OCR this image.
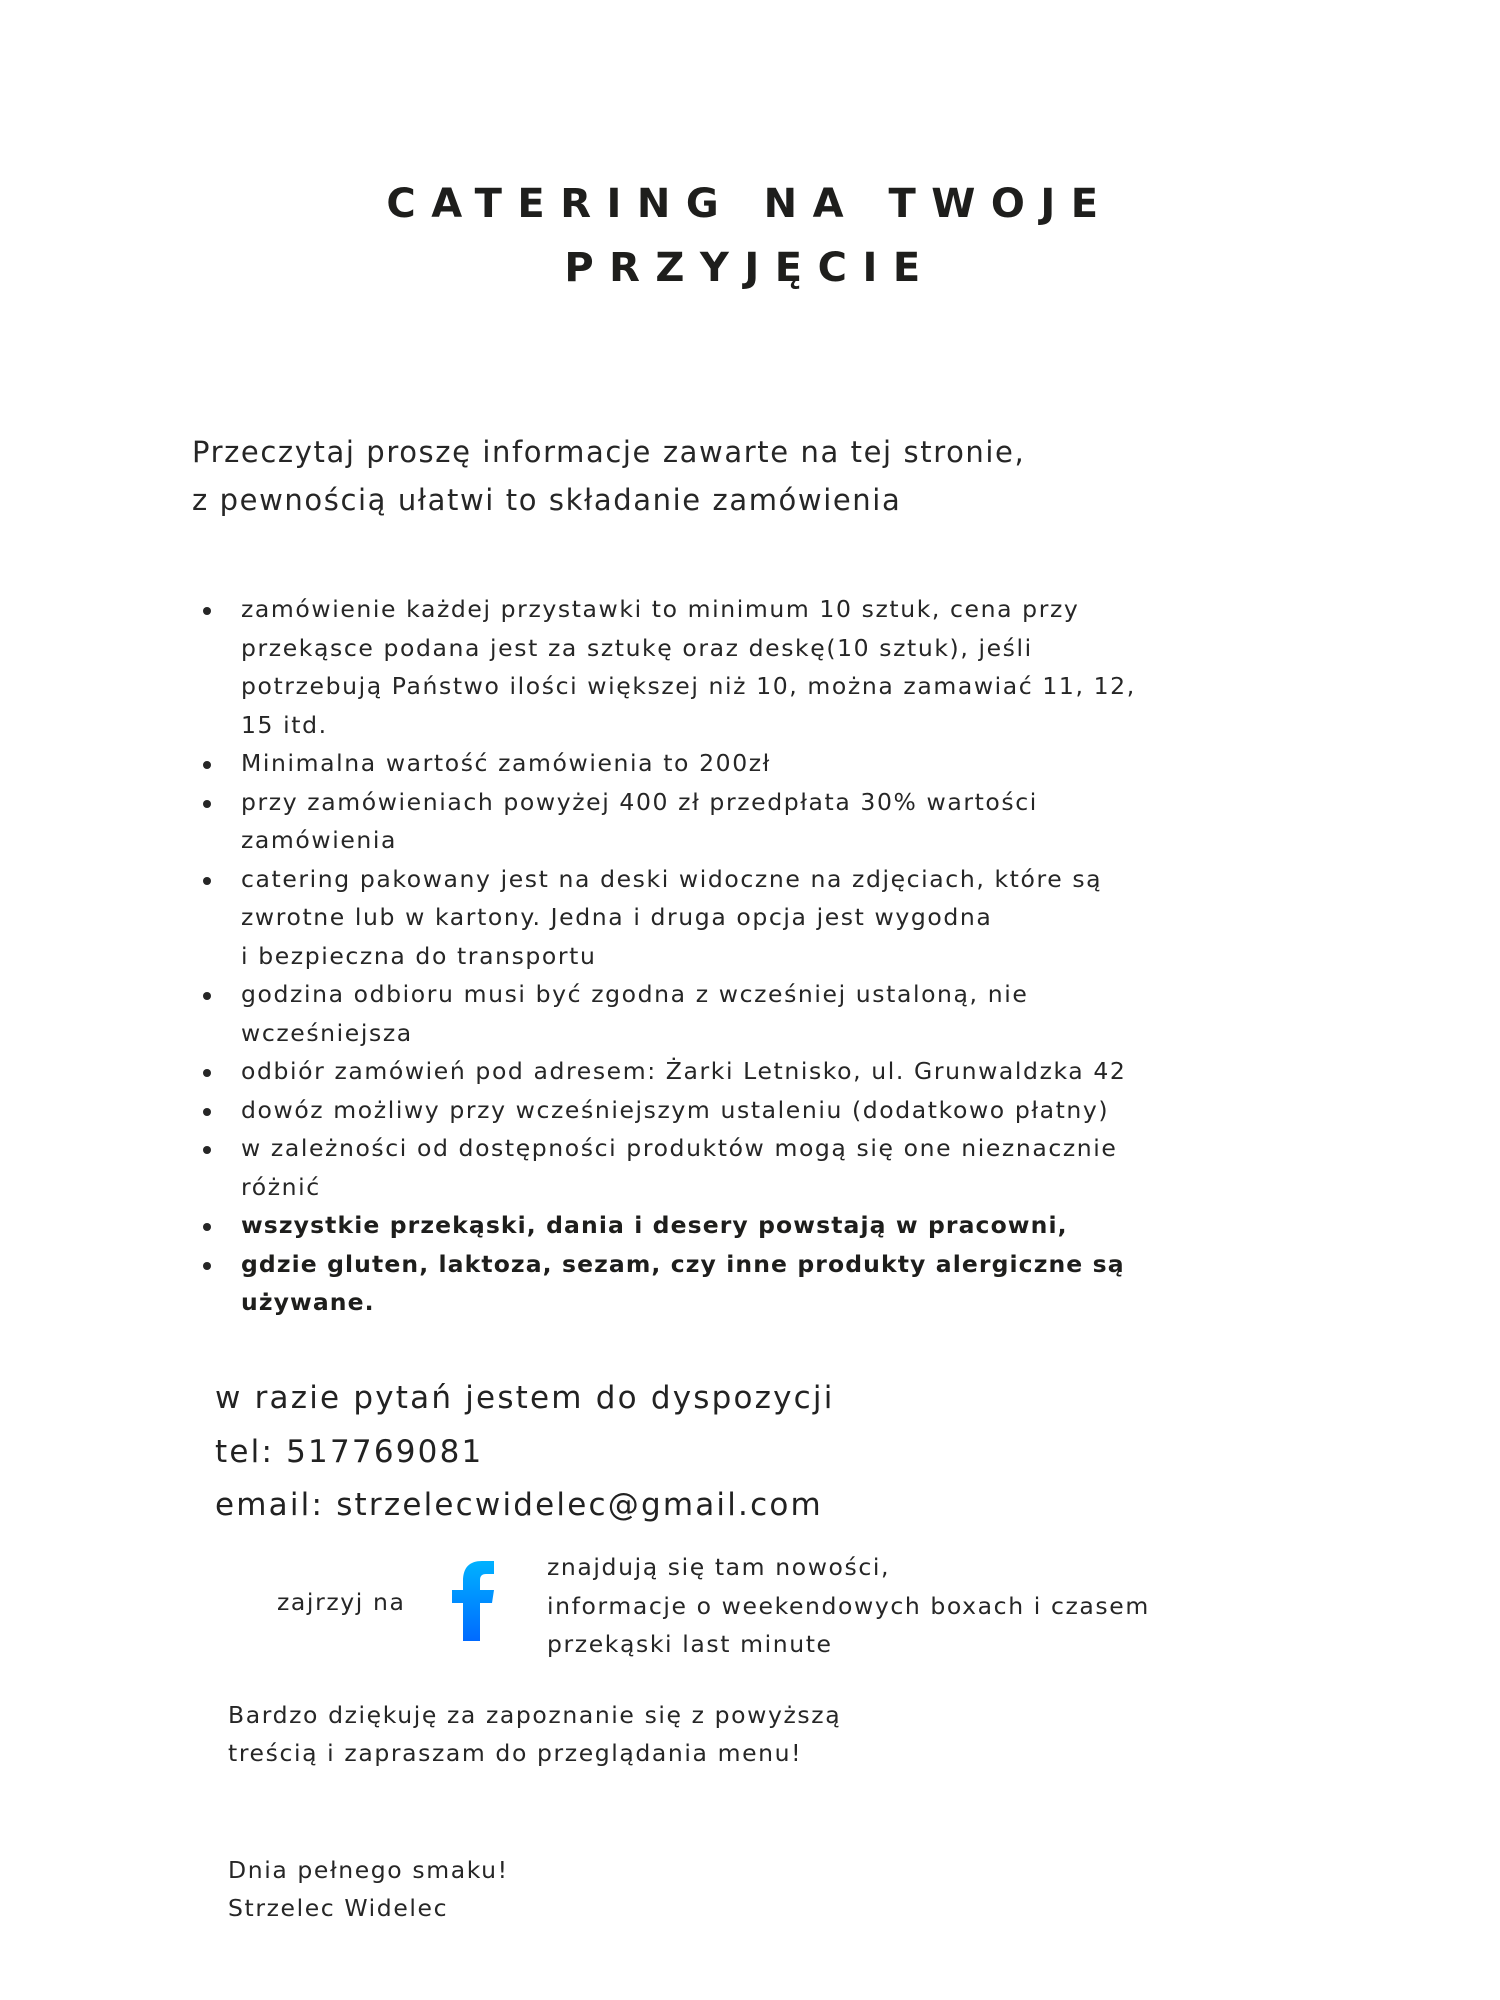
CATERING NA TWOJE
PRZYJĘCIE
Przeczytaj proszę informacje zawarte na tej stronie,
z pewnością ułatwi to składanie zamówienia
zamówienie każdej przystawki to minimum 10 sztuk, cena przy
przekąsce podana jest za sztukę oraz deskę(10 sztuk), jeśli
potrzebują Państwo ilości większej niż 10, można zamawiać 11, 12,
15 itd.
Minimalna wartość zamówienia to 200zł
przy zamówieniach powyżej 400 zł przedpłata 30% wartości
zamówienia
catering pakowany jest na deski widoczne na zdjęciach, które są
zwrotne lub w kartony. Jedna i druga opcja jest wygodna
i bezpieczna do transportu
godzina odbioru musi być zgodna z wcześniej ustaloną, nie
wcześniejsza
odbiór zamówień pod adresem: Żarki Letnisko, ul. Grunwaldzka 42
dowóz możliwy przy wcześniejszym ustaleniu (dodatkowo płatny)
w zależności od dostępności produktów mogą się one nieznacznie
różnić
wszystkie przekąski, dania i desery powstają w pracowni,
gdzie gluten, laktoza, sezam, czy inne produkty alergiczne są
używane.
w razie pytań jestem do dyspozycji
tel: 517769081
email: strzelecwidelec@gmail.com
zajrzyj na
znajdują się tam nowości,
informacje o weekendowych boxach i czasem
przekąski last minute
Bardzo dziękuję za zapoznanie się z powyższą
treścią i zapraszam do przeglądania menu!
Dnia pełnego smaku!
Strzelec Widelec
